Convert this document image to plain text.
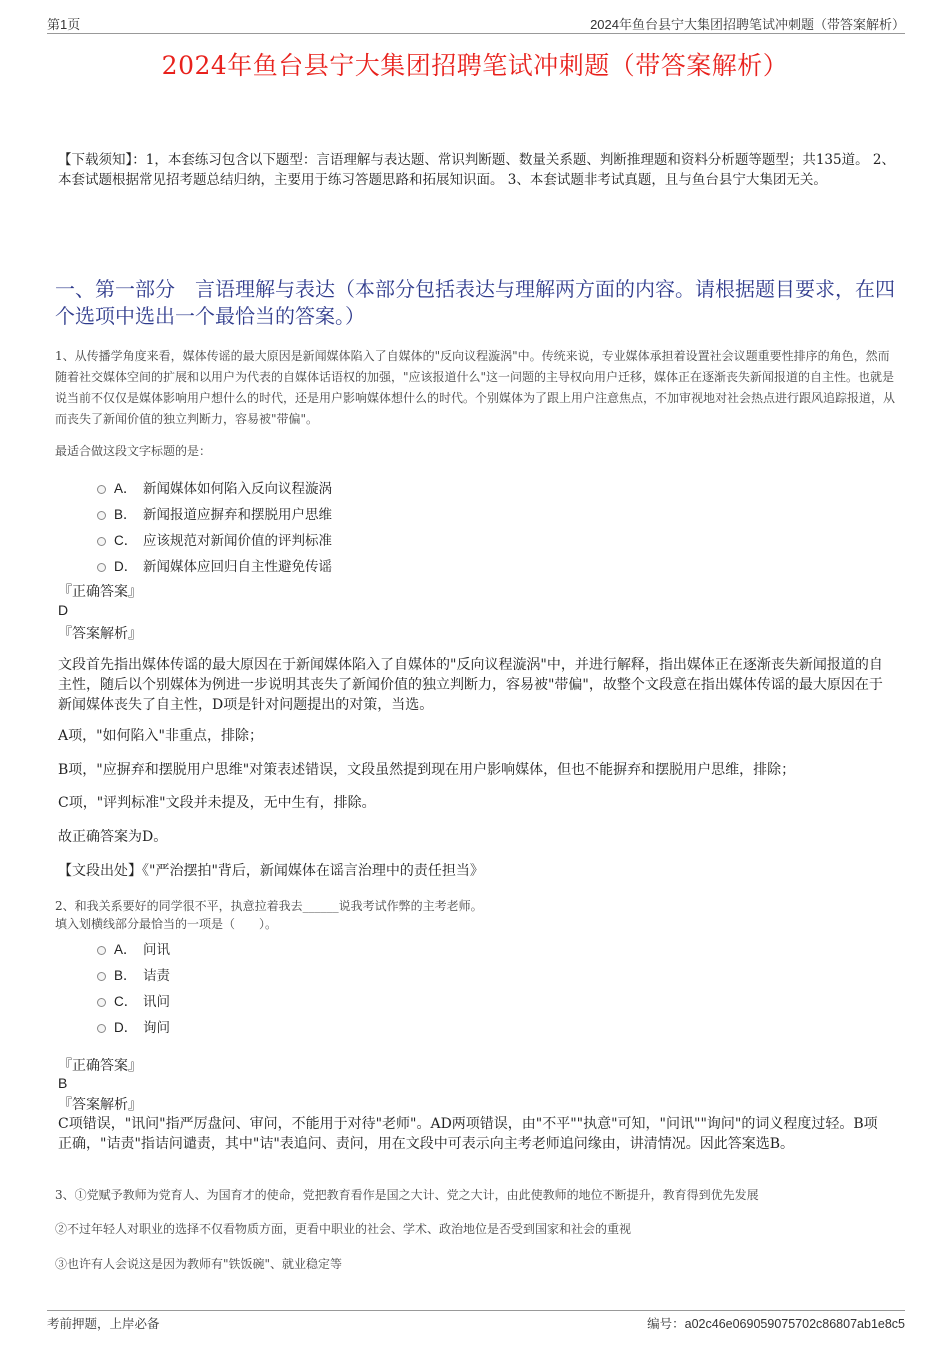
第1页	2024年鱼台县宁大集团招聘笔试冲刺题（带答案解析）
2024年鱼台县宁大集团招聘笔试冲刺题（带答案解析）
【下载须知】：1，本套练习包含以下题型：言语理解与表达题、常识判断题、数量关系题、判断推理题和资料分析题等题型；共135道。 2、本套试题根据常见招考题总结归纳，主要用于练习答题思路和拓展知识面。 3、本套试题非考试真题，且与鱼台县宁大集团无关。
一、第一部分　言语理解与表达（本部分包括表达与理解两方面的内容。请根据题目要求，在四个选项中选出一个最恰当的答案。）
1、从传播学角度来看，媒体传谣的最大原因是新闻媒体陷入了自媒体的"反向议程漩涡"中。传统来说，专业媒体承担着设置社会议题重要性排序的角色，然而随着社交媒体空间的扩展和以用户为代表的自媒体话语权的加强，"应该报道什么"这一问题的主导权向用户迁移，媒体正在逐渐丧失新闻报道的自主性。也就是说当前不仅仅是媒体影响用户想什么的时代，还是用户影响媒体想什么的时代。个别媒体为了跟上用户注意焦点，不加审视地对社会热点进行跟风追踪报道，从而丧失了新闻价值的独立判断力，容易被"带偏"。
最适合做这段文字标题的是：
A． 新闻媒体如何陷入反向议程漩涡
B． 新闻报道应摒弃和摆脱用户思维
C． 应该规范对新闻价值的评判标准
D． 新闻媒体应回归自主性避免传谣
『正确答案』
D
『答案解析』
文段首先指出媒体传谣的最大原因在于新闻媒体陷入了自媒体的"反向议程漩涡"中，并进行解释，指出媒体正在逐渐丧失新闻报道的自主性，随后以个别媒体为例进一步说明其丧失了新闻价值的独立判断力，容易被"带偏"，故整个文段意在指出媒体传谣的最大原因在于新闻媒体丧失了自主性，D项是针对问题提出的对策，当选。
A项，"如何陷入"非重点，排除；
B项，"应摒弃和摆脱用户思维"对策表述错误，文段虽然提到现在用户影响媒体，但也不能摒弃和摆脱用户思维，排除；
C项，"评判标准"文段并未提及，无中生有，排除。
故正确答案为D。
【文段出处】《"严治摆拍"背后，新闻媒体在谣言治理中的责任担当》
2、和我关系要好的同学很不平，执意拉着我去______说我考试作弊的主考老师。
填入划横线部分最恰当的一项是（　　）。
A． 问讯
B． 诘责
C． 讯问
D． 询问
『正确答案』
B
『答案解析』
C项错误，"讯问"指严厉盘问、审问，不能用于对待"老师"。AD两项错误，由"不平""执意"可知，"问讯""询问"的词义程度过轻。B项正确，"诘责"指诘问谴责，其中"诘"表追问、责问，用在文段中可表示向主考老师追问缘由，讲清情况。因此答案选B。
3、①党赋予教师为党育人、为国育才的使命，党把教育看作是国之大计、党之大计，由此使教师的地位不断提升，教育得到优先发展
②不过年轻人对职业的选择不仅看物质方面，更看中职业的社会、学术、政治地位是否受到国家和社会的重视
③也许有人会说这是因为教师有"铁饭碗"、就业稳定等
考前押题，上岸必备	编号：a02c46e069059075702c86807ab1e8c5
